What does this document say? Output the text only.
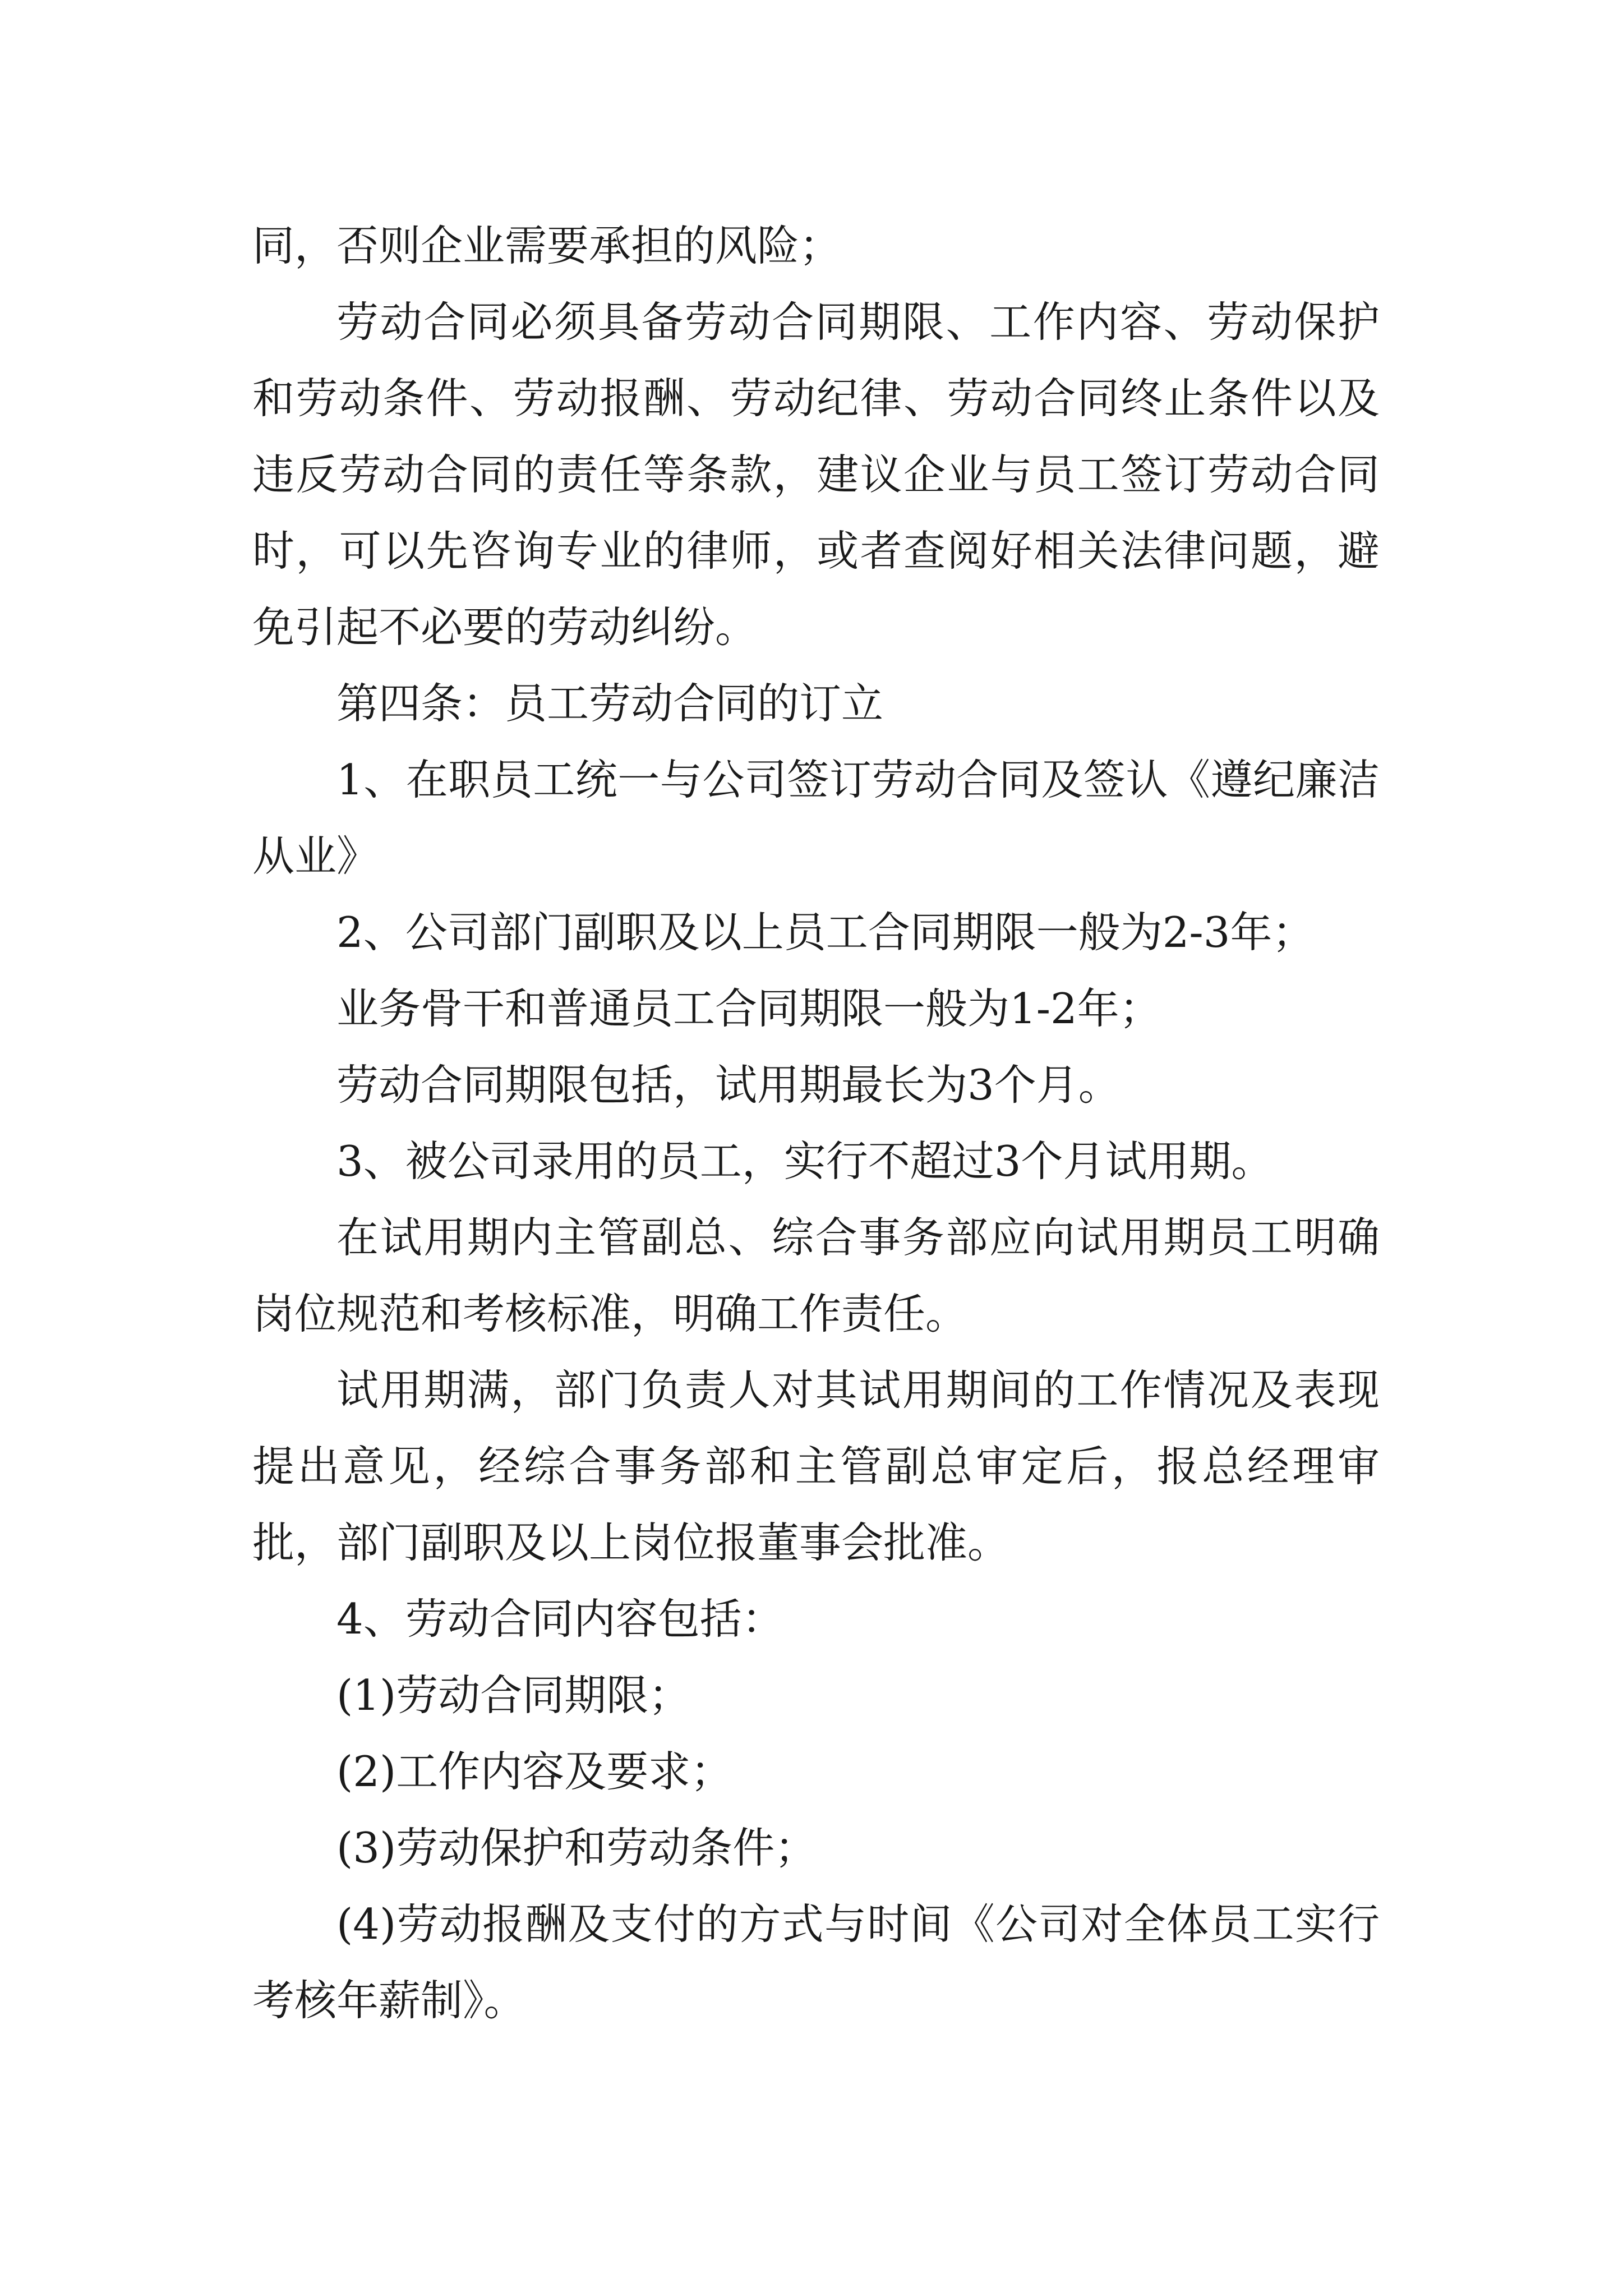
同，否则企业需要承担的风险；

劳动合同必须具备劳动合同期限、工作内容、劳动保护和劳动条件、劳动报酬、劳动纪律、劳动合同终止条件以及违反劳动合同的责任等条款，建议企业与员工签订劳动合同时，可以先咨询专业的律师，或者查阅好相关法律问题，避免引起不必要的劳动纠纷。

第四条：员工劳动合同的订立

1、在职员工统一与公司签订劳动合同及签认《遵纪廉洁从业》

2、公司部门副职及以上员工合同期限一般为2-3年；

业务骨干和普通员工合同期限一般为1-2年；

劳动合同期限包括，试用期最长为3个月。

3、被公司录用的员工，实行不超过3个月试用期。

在试用期内主管副总、综合事务部应向试用期员工明确岗位规范和考核标准，明确工作责任。

试用期满，部门负责人对其试用期间的工作情况及表现提出意见，经综合事务部和主管副总审定后，报总经理审批，部门副职及以上岗位报董事会批准。

4、劳动合同内容包括：

(1)劳动合同期限；

(2)工作内容及要求；

(3)劳动保护和劳动条件；

(4)劳动报酬及支付的方式与时间《公司对全体员工实行考核年薪制》。
